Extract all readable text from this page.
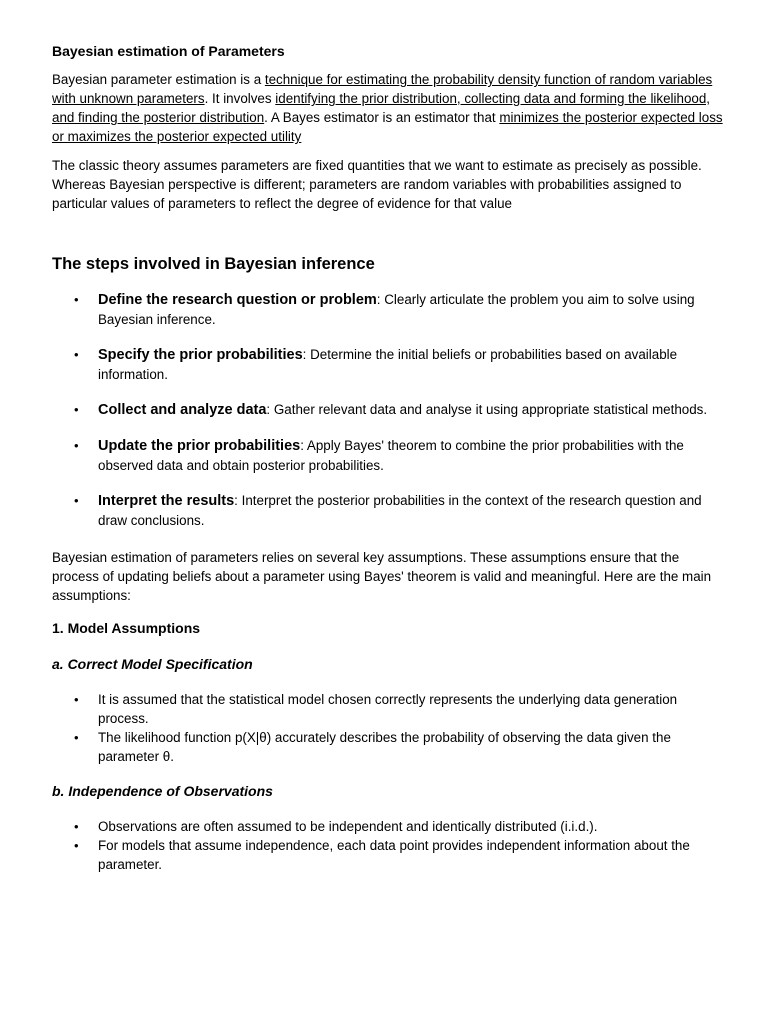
Bayesian estimation of Parameters

Bayesian parameter estimation is a technique for estimating the probability density function of random variables with unknown parameters. It involves identifying the prior distribution, collecting data and forming the likelihood, and finding the posterior distribution. A Bayes estimator is an estimator that minimizes the posterior expected loss or maximizes the posterior expected utility

The classic theory assumes parameters are fixed quantities that we want to estimate as precisely as possible. Whereas Bayesian perspective is different; parameters are random variables with probabilities assigned to particular values of parameters to reflect the degree of evidence for that value

The steps involved in Bayesian inference
• Define the research question or problem: Clearly articulate the problem you aim to solve using Bayesian inference.
• Specify the prior probabilities: Determine the initial beliefs or probabilities based on available information.
• Collect and analyze data: Gather relevant data and analyse it using appropriate statistical methods.
• Update the prior probabilities: Apply Bayes' theorem to combine the prior probabilities with the observed data and obtain posterior probabilities.
• Interpret the results: Interpret the posterior probabilities in the context of the research question and draw conclusions.

Bayesian estimation of parameters relies on several key assumptions. These assumptions ensure that the process of updating beliefs about a parameter using Bayes' theorem is valid and meaningful. Here are the main assumptions:

1. Model Assumptions
a. Correct Model Specification
• It is assumed that the statistical model chosen correctly represents the underlying data generation process.
• The likelihood function p(X|θ) accurately describes the probability of observing the data given the parameter θ.
b. Independence of Observations
• Observations are often assumed to be independent and identically distributed (i.i.d.).
• For models that assume independence, each data point provides independent information about the parameter.
